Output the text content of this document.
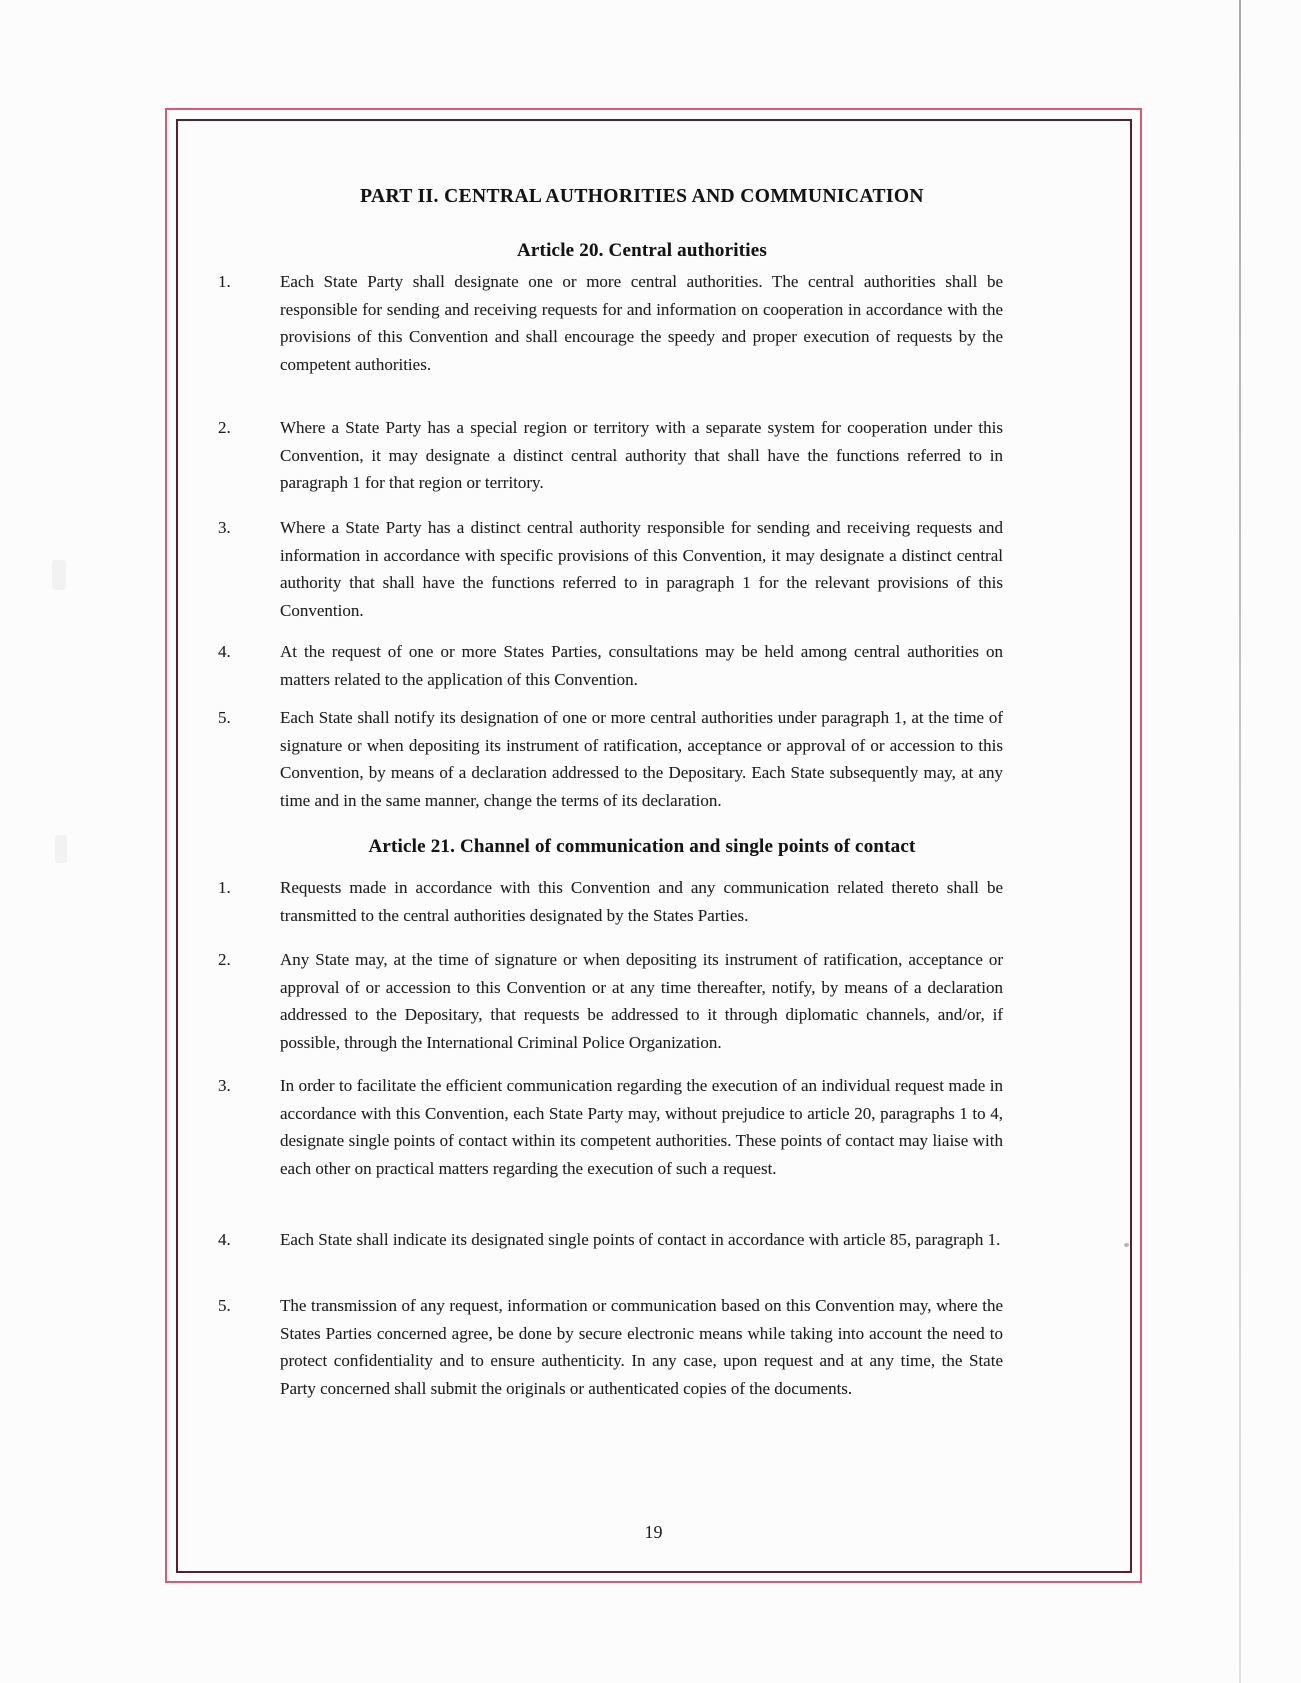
PART II. CENTRAL AUTHORITIES AND COMMUNICATION
Article 20. Central authorities
1.	Each State Party shall designate one or more central authorities. The central authorities shall be responsible for sending and receiving requests for and information on cooperation in accordance with the provisions of this Convention and shall encourage the speedy and proper execution of requests by the competent authorities.
2.	Where a State Party has a special region or territory with a separate system for cooperation under this Convention, it may designate a distinct central authority that shall have the functions referred to in paragraph 1 for that region or territory.
3.	Where a State Party has a distinct central authority responsible for sending and receiving requests and information in accordance with specific provisions of this Convention, it may designate a distinct central authority that shall have the functions referred to in paragraph 1 for the relevant provisions of this Convention.
4.	At the request of one or more States Parties, consultations may be held among central authorities on matters related to the application of this Convention.
5.	Each State shall notify its designation of one or more central authorities under paragraph 1, at the time of signature or when depositing its instrument of ratification, acceptance or approval of or accession to this Convention, by means of a declaration addressed to the Depositary. Each State subsequently may, at any time and in the same manner, change the terms of its declaration.
Article 21. Channel of communication and single points of contact
1.	Requests made in accordance with this Convention and any communication related thereto shall be transmitted to the central authorities designated by the States Parties.
2.	Any State may, at the time of signature or when depositing its instrument of ratification, acceptance or approval of or accession to this Convention or at any time thereafter, notify, by means of a declaration addressed to the Depositary, that requests be addressed to it through diplomatic channels, and/or, if possible, through the International Criminal Police Organization.
3.	In order to facilitate the efficient communication regarding the execution of an individual request made in accordance with this Convention, each State Party may, without prejudice to article 20, paragraphs 1 to 4, designate single points of contact within its competent authorities. These points of contact may liaise with each other on practical matters regarding the execution of such a request.
4.	Each State shall indicate its designated single points of contact in accordance with article 85, paragraph 1.
5.	The transmission of any request, information or communication based on this Convention may, where the States Parties concerned agree, be done by secure electronic means while taking into account the need to protect confidentiality and to ensure authenticity. In any case, upon request and at any time, the State Party concerned shall submit the originals or authenticated copies of the documents.
19
